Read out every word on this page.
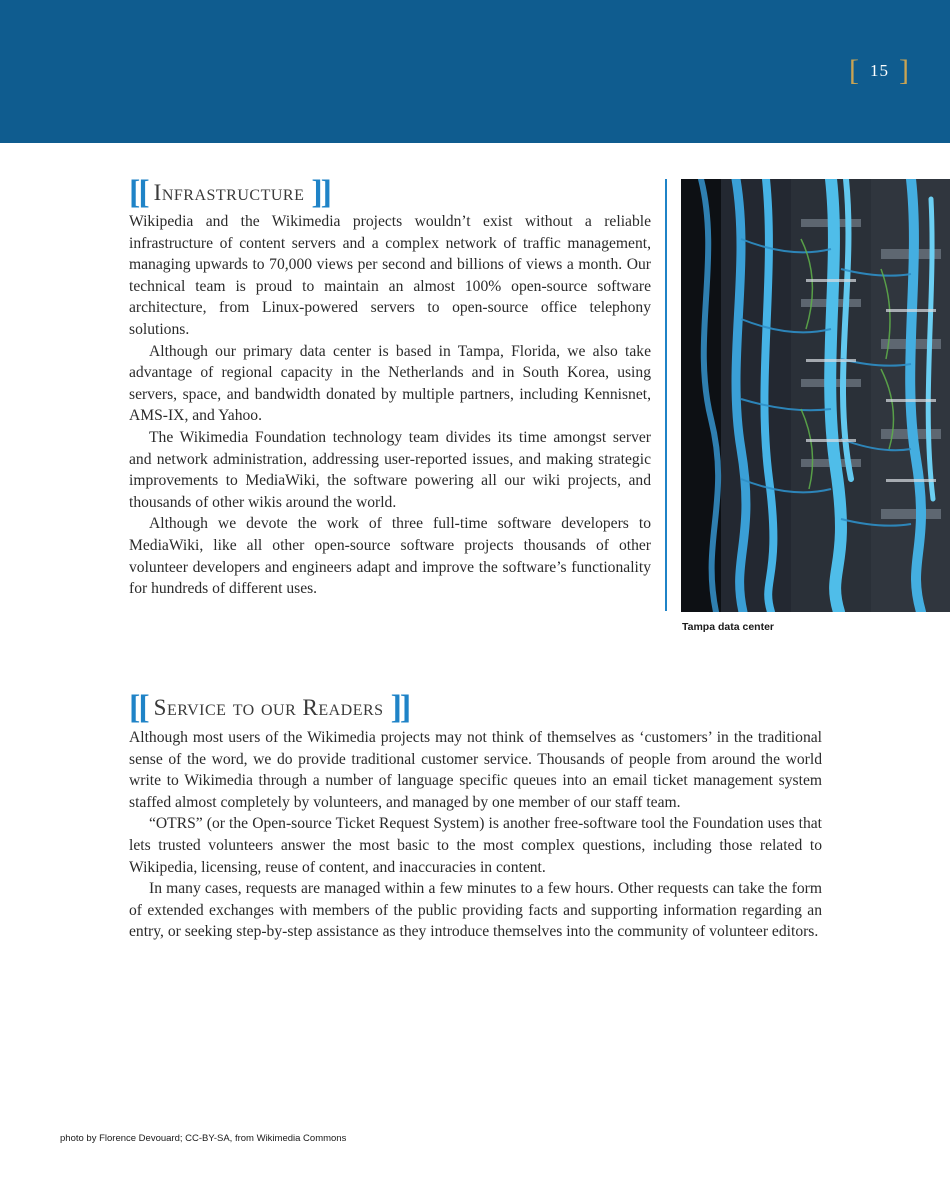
[ 15 ]
[[ Infrastructure ]]

Wikipedia and the Wikimedia projects wouldn’t exist without a reliable infrastructure of content servers and a complex network of traffic management, managing upwards to 70,000 views per second and billions of views a month. Our technical team is proud to maintain an almost 100% open-source software architecture, from Linux-powered servers to open-source office telephony solutions.

Although our primary data center is based in Tampa, Florida, we also take advantage of regional capacity in the Netherlands and in South Korea, using servers, space, and bandwidth donated by multiple partners, including Kennisnet, AMS-IX, and Yahoo.

The Wikimedia Foundation technology team divides its time amongst server and network administration, addressing user-reported issues, and making strategic improvements to MediaWiki, the software powering all our wiki projects, and thousands of other wikis around the world.

Although we devote the work of three full-time software developers to MediaWiki, like all other open-source software projects thousands of other volunteer developers and engineers adapt and improve the software’s functionality for hundreds of different uses.

Tampa data center
[[ Service to our Readers ]]

Although most users of the Wikimedia projects may not think of themselves as ‘customers’ in the traditional sense of the word, we do provide traditional customer service. Thousands of people from around the world write to Wikimedia through a number of language specific queues into an email ticket management system staffed almost completely by volunteers, and managed by one member of our staff team.

“OTRS” (or the Open-source Ticket Request System) is another free-software tool the Foundation uses that lets trusted volunteers answer the most basic to the most complex questions, including those related to Wikipedia, licensing, reuse of content, and inaccuracies in content.

In many cases, requests are managed within a few minutes to a few hours. Other requests can take the form of extended exchanges with members of the public providing facts and supporting information regarding an entry, or seeking step-by-step assistance as they introduce themselves into the community of volunteer editors.

photo by Florence Devouard; CC-BY-SA, from Wikimedia Commons
